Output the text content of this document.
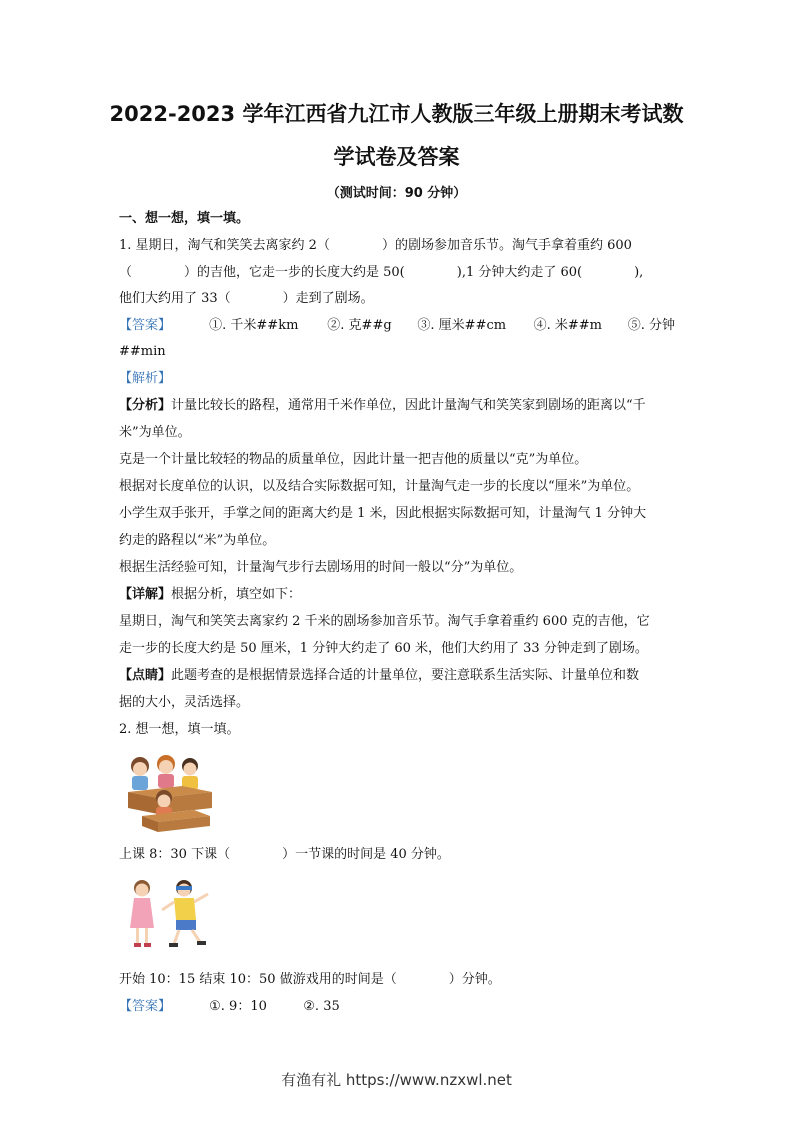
2022-2023 学年江西省九江市人教版三年级上册期末考试数
学试卷及答案
（测试时间：90 分钟）
一、想一想，填一填。
1. 星期日，淘气和笑笑去离家约 2（　　　　）的剧场参加音乐节。淘气手拿着重约 600
（　　　　）的吉他，它走一步的长度大约是 50(　　　　),1 分钟大约走了 60(　　　　),
他们大约用了 33（　　　　）走到了剧场。
【答案】	①. 千米##km ②. 克##g ③. 厘米##cm ④. 米##m ⑤. 分钟
##min
【解析】
【分析】计量比较长的路程，通常用千米作单位，因此计量淘气和笑笑家到剧场的距离以“千
米”为单位。
克是一个计量比较轻的物品的质量单位，因此计量一把吉他的质量以“克”为单位。
根据对长度单位的认识，以及结合实际数据可知，计量淘气走一步的长度以“厘米”为单位。
小学生双手张开，手掌之间的距离大约是 1 米，因此根据实际数据可知，计量淘气 1 分钟大
约走的路程以“米”为单位。
根据生活经验可知，计量淘气步行去剧场用的时间一般以“分”为单位。
【详解】根据分析，填空如下：
星期日，淘气和笑笑去离家约 2 千米的剧场参加音乐节。淘气手拿着重约 600 克的吉他，它
走一步的长度大约是 50 厘米，1 分钟大约走了 60 米，他们大约用了 33 分钟走到了剧场。
【点睛】此题考查的是根据情景选择合适的计量单位，要注意联系生活实际、计量单位和数
据的大小，灵活选择。
2. 想一想，填一填。
上课 8：30 下课（　　　　）一节课的时间是 40 分钟。
开始 10：15 结束 10：50 做游戏用的时间是（　　　　）分钟。
【答案】	①. 9：10	②. 35
有渔有礼 https://www.nzxwl.net
